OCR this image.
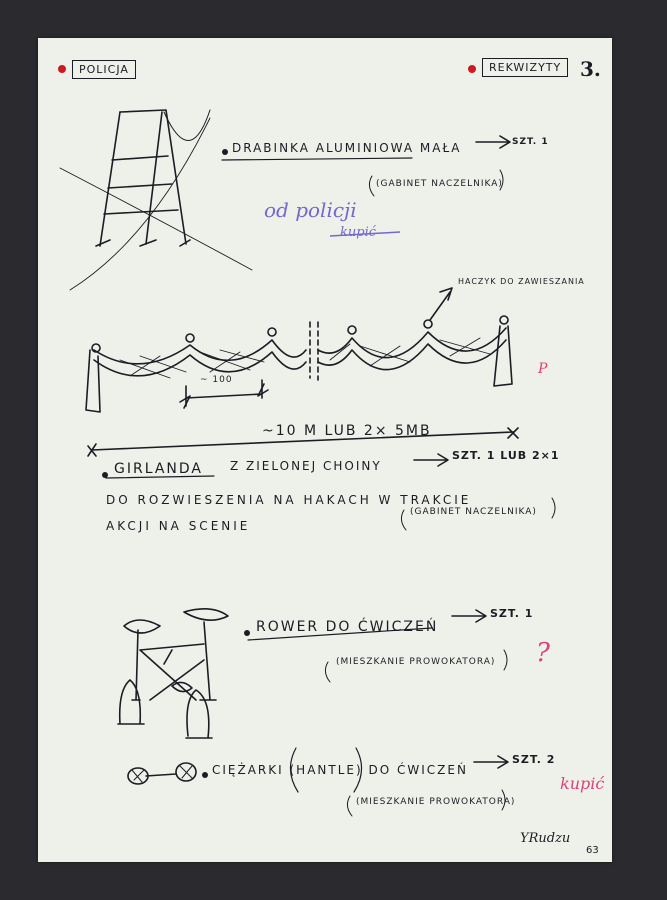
POLICJA	REKWIZYTY 3.
DRABINKA ALUMINIOWA MAŁA	SZT. 1
(GABINET NACZELNIKA)
od policji
kupić
HACZYK DO ZAWIESZANIA
~ 100
~10 M LUB 2× 5MB
P
GIRLANDA Z ZIELONEJ CHOINY
SZT. 1 LUB 2×1
DO ROZWIESZENIA NA HAKACH W TRAKCIE
AKCJI NA SCENIE
(GABINET NACZELNIKA)
ROWER DO ĆWICZEŃ
SZT. 1
(MIESZKANIE PROWOKATORA) ?
CIĘŻARKI (HANTLE) DO ĆWICZEŃ
SZT. 2
(MIESZKANIE PROWOKATORA)
kupić
YRudzu
63
